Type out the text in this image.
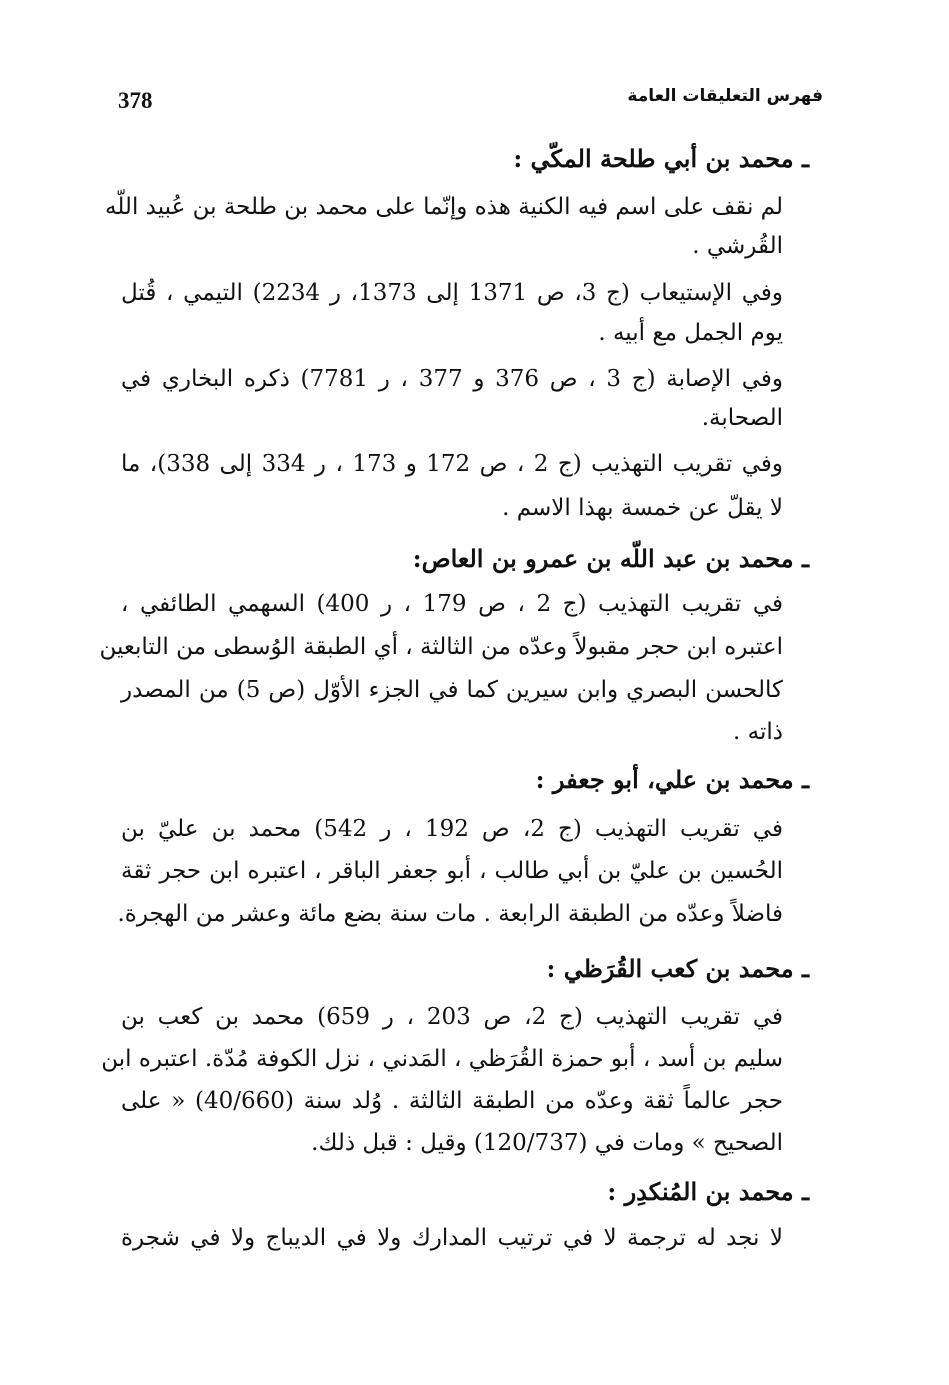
فهرس التعليقات العامة
378
ـ محمد بن أبي طلحة المكّي :
لم نقف على اسم فيه الكنية هذه وإنّما على محمد بن طلحة بن عُبيد اللّه
القُرشي .
وفي الإستيعاب (ج 3، ص 1371 إلى 1373، ر 2234) التيمي ، قُتل
يوم الجمل مع أبيه .
وفي الإصابة (ج 3 ، ص 376 و 377 ، ر 7781) ذكره البخاري في
الصحابة.
وفي تقريب التهذيب (ج 2 ، ص 172 و 173 ، ر 334 إلى 338)، ما
لا يقلّ عن خمسة بهذا الاسم .
ـ محمد بن عبد اللّه بن عمرو بن العاص:
في تقريب التهذيب (ج 2 ، ص 179 ، ر 400) السهمي الطائفي ،
اعتبره ابن حجر مقبولاً وعدّه من الثالثة ، أي الطبقة الوُسطى من التابعين
كالحسن البصري وابن سيرين كما في الجزء الأوّل (ص 5) من المصدر
ذاته .
ـ محمد بن علي، أبو جعفر :
في تقريب التهذيب (ج 2، ص 192 ، ر 542) محمد بن عليّ بن
الحُسين بن عليّ بن أبي طالب ، أبو جعفر الباقر ، اعتبره ابن حجر ثقة
فاضلاً وعدّه من الطبقة الرابعة . مات سنة بضع مائة وعشر من الهجرة.
ـ محمد بن كعب القُرَظي :
في تقريب التهذيب (ج 2، ص 203 ، ر 659) محمد بن كعب بن
سليم بن أسد ، أبو حمزة القُرَظي ، المَدني ، نزل الكوفة مُدّة. اعتبره ابن
حجر عالماً ثقة وعدّه من الطبقة الثالثة . وُلد سنة (40/660) « على
الصحيح » ومات في (120/737) وقيل : قبل ذلك.
ـ محمد بن المُنكدِر :
لا نجد له ترجمة لا في ترتيب المدارك ولا في الديباج ولا في شجرة
